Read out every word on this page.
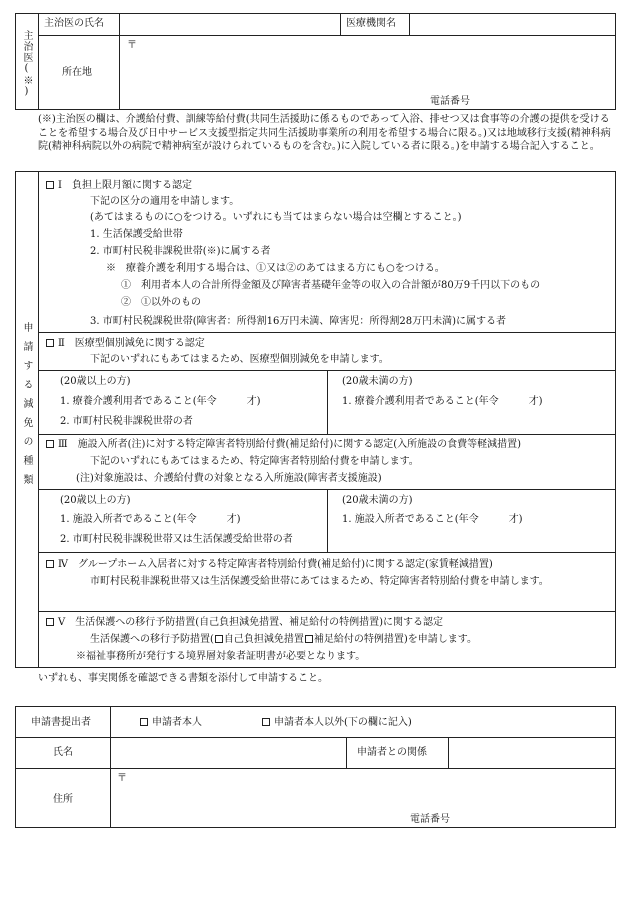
主治医(※)
主治医の氏名	医療機関名
所在地
〒
電話番号
(※)主治医の欄は、介護給付費、訓練等給付費(共同生活援助に係るものであって入浴、排せつ又は食事等の介護の提供を受けることを希望する場合及び日中サービス支援型指定共同生活援助事業所の利用を希望する場合に限る。)又は地域移行支援(精神科病院(精神科病院以外の病院で精神病室が設けられているものを含む。)に入院している者に限る。)を申請する場合記入すること。
申請する減免の種類
Ⅰ　負担上限月額に関する認定
下記の区分の適用を申請します。
(あてはまるものに○をつける。いずれにも当てはまらない場合は空欄とすること。)
1. 生活保護受給世帯
2. 市町村民税非課税世帯(※)に属する者
※　療養介護を利用する場合は、①又は②のあてはまる方にも○をつける。
①　利用者本人の合計所得金額及び障害者基礎年金等の収入の合計額が80万9千円以下のもの
②　①以外のもの
3. 市町村民税課税世帯(障害者：所得割16万円未満、障害児：所得割28万円未満)に属する者
Ⅱ　医療型個別減免に関する認定
下記のいずれにもあてはまるため、医療型個別減免を申請します。
(20歳以上の方)
1. 療養介護利用者であること(年令　　　才)
2. 市町村民税非課税世帯の者
(20歳未満の方)
1. 療養介護利用者であること(年令　　　才)
Ⅲ　施設入所者(注)に対する特定障害者特別給付費(補足給付)に関する認定(入所施設の食費等軽減措置)
下記のいずれにもあてはまるため、特定障害者特別給付費を申請します。
(注)対象施設は、介護給付費の対象となる入所施設(障害者支援施設)
(20歳以上の方)
1. 施設入所者であること(年令　　　才)
2. 市町村民税非課税世帯又は生活保護受給世帯の者
(20歳未満の方)
1. 施設入所者であること(年令　　　才)
Ⅳ　グループホーム入居者に対する特定障害者特別給付費(補足給付)に関する認定(家賃軽減措置)
市町村民税非課税世帯又は生活保護受給世帯にあてはまるため、特定障害者特別給付費を申請します。
Ⅴ　生活保護への移行予防措置(自己負担減免措置、補足給付の特例措置)に関する認定
生活保護への移行予防措置( 自己負担減免措置 補足給付の特例措置)を申請します。
※福祉事務所が発行する境界層対象者証明書が必要となります。
いずれも、事実関係を確認できる書類を添付して申請すること。
申請書提出者	申請者本人	申請者本人以外(下の欄に記入)
氏名	申請者との関係
住所
〒
電話番号
